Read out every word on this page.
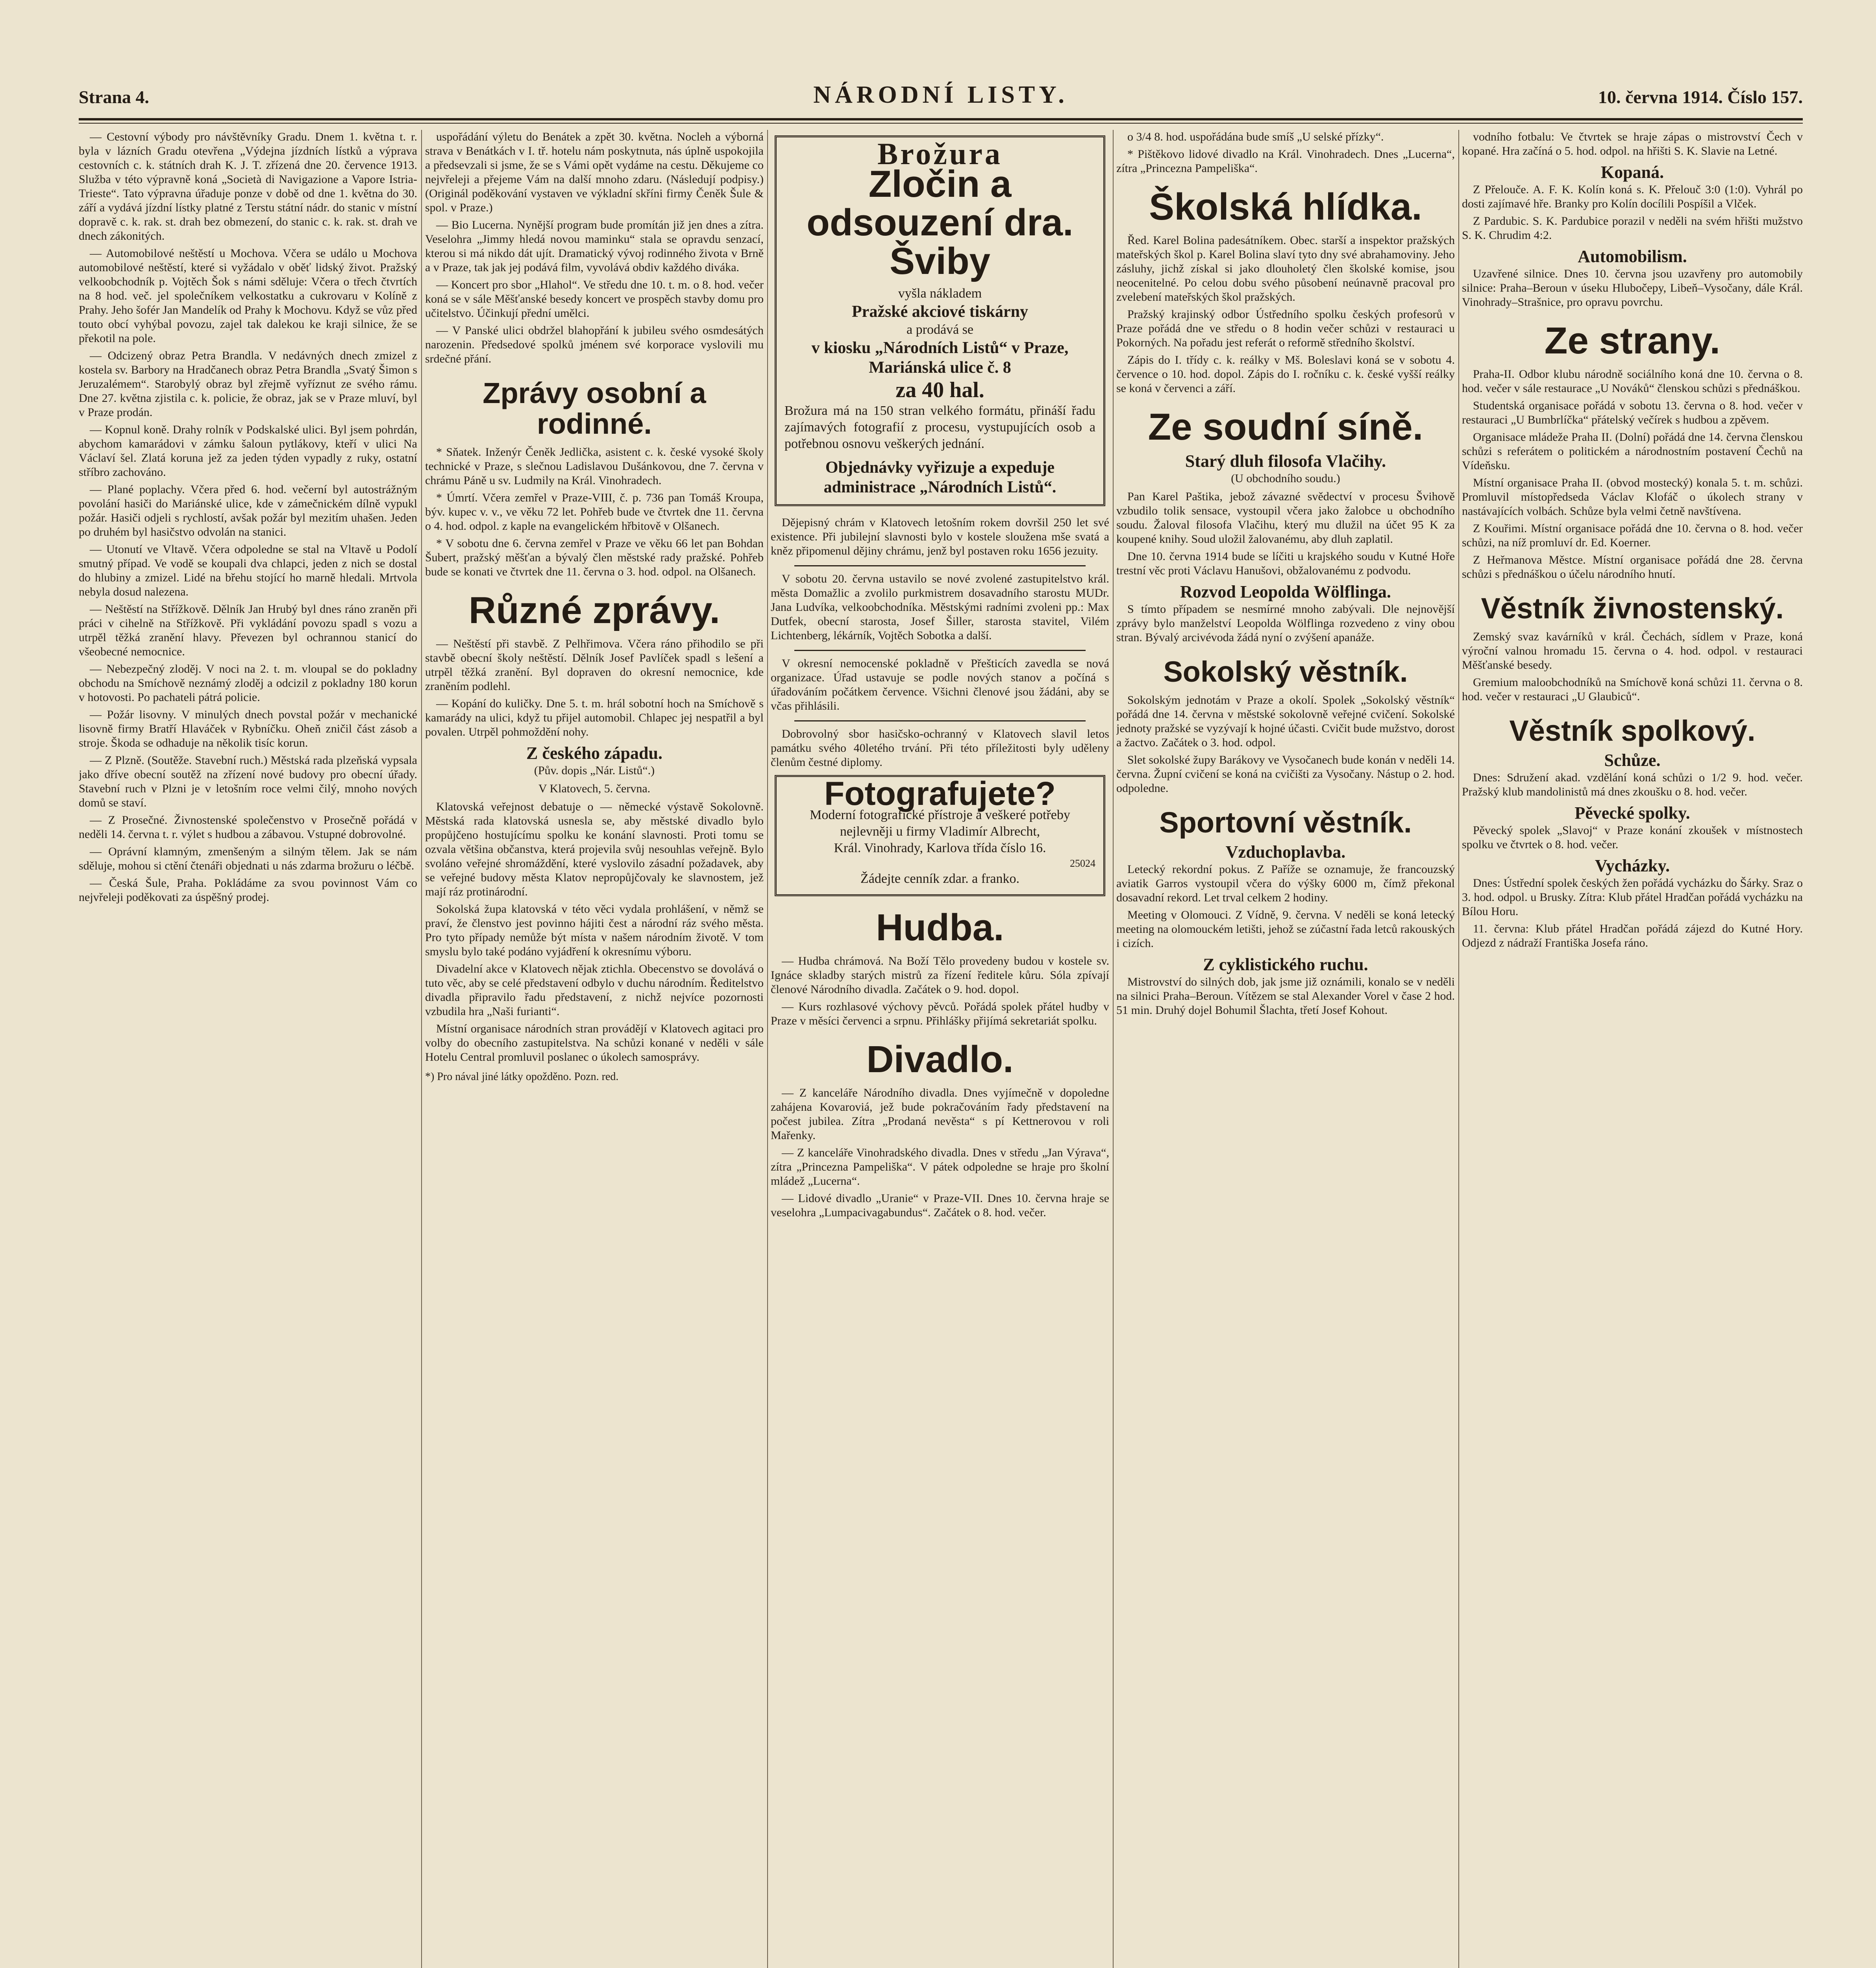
Strana 4.	NÁRODNÍ LISTY.	10. června 1914. Číslo 157.

— Cestovní výbody pro návštěvníky Gradu. Dnem 1. května t. r. byla v lázních Gradu otevřena „Výdejna jízdních lístků a výprava cestovních c. k. státních drah K. J. T. zřízená dne 20. července 1913. Služba v této výpravně koná „Società di Navigazione a Vapore Istria-Trieste“. Tato výpravna úřaduje ponze v době od dne 1. května do 30. září a vydává jízdní lístky platné z Terstu státní nádr. do stanic v místní dopravě c. k. rak. st. drah bez obmezení, do stanic c. k. rak. st. drah ve dnech zákonitých.

— Automobilové neštěstí u Mochova. Včera se událo u Mochova automobilové neštěstí, které si vyžádalo v oběť lidský život. Pražský velkoobchodník p. Vojtěch Šok s námi sděluje: Včera o třech čtvrtích na 8 hod. več. jel společníkem velkostatku a cukrovaru v Kolíně z Prahy. Jeho šofér Jan Mandelík od Prahy k Mochovu. Když se vůz před touto obcí vyhýbal povozu, zajel tak dalekou ke kraji silnice, že se překotil na pole.

— Odcizený obraz Petra Brandla. V nedávných dnech zmizel z kostela sv. Barbory na Hradčanech obraz Petra Brandla „Svatý Šimon s Jeruzalémem“. Starobylý obraz byl zřejmě vyříznut ze svého rámu. Dne 27. května zjistila c. k. policie, že obraz, jak se v Praze mluví, byl v Praze prodán.

— Kopnul koně. Drahy rolník v Podskalské ulici. Byl jsem pohrdán, abychom kamarádovi v zámku šaloun pytlákovy, kteří v ulici Na Václaví šel. Zlatá koruna jež za jeden týden vypadly z ruky, ostatní stříbro zachováno.

— Plané poplachy. Včera před 6. hod. večerní byl autostrážným povolání hasiči do Mariánské ulice, kde v zámečnickém dílně vypukl požár. Hasiči odjeli s rychlostí, avšak požár byl mezitím uhašen. Jeden po druhém byl hasičstvo odvolán na stanici.

— Utonutí ve Vltavě. Včera odpoledne se stal na Vltavě u Podolí smutný případ. Ve vodě se koupali dva chlapci, jeden z nich se dostal do hlubiny a zmizel. Lidé na břehu stojící ho marně hledali. Mrtvola nebyla dosud nalezena.

— Neštěstí na Střížkově. Dělník Jan Hrubý byl dnes ráno zraněn při práci v cihelně na Střížkově. Při vykládání povozu spadl s vozu a utrpěl těžká zranění hlavy. Převezen byl ochrannou stanicí do všeobecné nemocnice.

— Nebezpečný zloděj. V noci na 2. t. m. vloupal se do pokladny obchodu na Smíchově neznámý zloděj a odcizil z pokladny 180 korun v hotovosti. Po pachateli pátrá policie.

— Požár lisovny. V minulých dnech povstal požár v mechanické lisovně firmy Bratří Hlaváček v Rybníčku. Oheň zničil část zásob a stroje. Škoda se odhaduje na několik tisíc korun.

— Z Plzně. (Soutěže. Stavební ruch.) Městská rada plzeňská vypsala jako dříve obecní soutěž na zřízení nové budovy pro obecní úřady. Stavební ruch v Plzni je v letošním roce velmi čilý, mnoho nových domů se staví.

— Z Prosečné. Živnostenské společenstvo v Prosečně pořádá v neděli 14. června t. r. výlet s hudbou a zábavou. Vstupné dobrovolné.

— Oprávní klamným, zmenšeným a silným tělem. Jak se nám sděluje, mohou si ctění čtenáři objednati u nás zdarma brožuru o léčbě.

— Česká Šule, Praha. Pokládáme za svou povinnost Vám co nejvřeleji poděkovati za úspěšný prodej.

uspořádání výletu do Benátek a zpět 30. května. Nocleh a výborná strava v Benátkách v I. tř. hotelu nám poskytnuta, nás úplně uspokojila a předsevzali si jsme, že se s Vámi opět vydáme na cestu. Děkujeme co nejvřeleji a přejeme Vám na další mnoho zdaru. (Následují podpisy.) (Originál poděkování vystaven ve výkladní skříni firmy Čeněk Šule & spol. v Praze.)

— Bio Lucerna. Nynější program bude promítán již jen dnes a zítra. Veselohra „Jimmy hledá novou maminku“ stala se opravdu senzací, kterou si má nikdo dát ujít. Dramatický vývoj rodinného života v Brně a v Praze, tak jak jej podává film, vyvolává obdiv každého diváka.

— Koncert pro sbor „Hlahol“. Ve středu dne 10. t. m. o 8. hod. večer koná se v sále Měšťanské besedy koncert ve prospěch stavby domu pro učitelstvo. Účinkují přední umělci.

— V Panské ulici obdržel blahopřání k jubileu svého osmdesátých narozenin. Předsedové spolků jménem své korporace vyslovili mu srdečné přání.

Zprávy osobní a rodinné.

* Sňatek. Inženýr Čeněk Jedlička, asistent c. k. české vysoké školy technické v Praze, s slečnou Ladislavou Dušánkovou, dne 7. června v chrámu Páně u sv. Ludmily na Král. Vinohradech.

* Úmrtí. Včera zemřel v Praze-VIII, č. p. 736 pan Tomáš Kroupa, býv. kupec v. v., ve věku 72 let. Pohřeb bude ve čtvrtek dne 11. června o 4. hod. odpol. z kaple na evangelickém hřbitově v Olšanech.

* V sobotu dne 6. června zemřel v Praze ve věku 66 let pan Bohdan Šubert, pražský měšťan a bývalý člen městské rady pražské. Pohřeb bude se konati ve čtvrtek dne 11. června o 3. hod. odpol. na Olšanech.

Různé zprávy.

— Neštěstí při stavbě. Z Pelhřimova. Včera ráno přihodilo se při stavbě obecní školy neštěstí. Dělník Josef Pavlíček spadl s lešení a utrpěl těžká zranění. Byl dopraven do okresní nemocnice, kde zraněním podlehl.

— Kopání do kuličky. Dne 5. t. m. hrál sobotní hoch na Smíchově s kamarády na ulici, když tu přijel automobil. Chlapec jej nespatřil a byl povalen. Utrpěl pohmoždění nohy.

Z českého západu.
(Pův. dopis „Nár. Listů“.)
V Klatovech, 5. června.

Klatovská veřejnost debatuje o — německé výstavě Sokolovně. Městská rada klatovská usnesla se, aby městské divadlo bylo propůjčeno hostujícímu spolku ke konání slavnosti. Proti tomu se ozvala většina občanstva, která projevila svůj nesouhlas veřejně. Bylo svoláno veřejné shromáždění, které vyslovilo zásadní požadavek, aby se veřejné budovy města Klatov nepropůjčovaly ke slavnostem, jež mají ráz protinárodní.

Sokolská župa klatovská v této věci vydala prohlášení, v němž se praví, že členstvo jest povinno hájiti čest a národní ráz svého města. Pro tyto případy nemůže být místa v našem národním životě. V tom smyslu bylo také podáno vyjádření k okresnímu výboru.

Divadelní akce v Klatovech nějak ztichla. Obecenstvo se dovolává o tuto věc, aby se celé představení odbylo v duchu národním. Ředitelstvo divadla připravilo řadu představení, z nichž nejvíce pozornosti vzbudila hra „Naši furianti“.

Místní organisace národních stran provádějí v Klatovech agitaci pro volby do obecního zastupitelstva. Na schůzi konané v neděli v sále Hotelu Central promluvil poslanec o úkolech samosprávy.

*) Pro nával jiné látky opožděno. Pozn. red.
Brožura
Zločin a odsouzení dra. Šviby
vyšla nákladem
Pražské akciové tiskárny
a prodává se
v kiosku „Národních Listů“ v Praze, Mariánská ulice č. 8
za 40 hal.
Brožura má na 150 stran velkého formátu, přináší řadu zajímavých fotografií z procesu, vystupujících osob a potřebnou osnovu veškerých jednání.
Objednávky vyřizuje a expeduje administrace „Národních Listů“.

Dějepisný chrám v Klatovech letošním rokem dovršil 250 let své existence. Při jubilejní slavnosti bylo v kostele sloužena mše svatá a kněz připomenul dějiny chrámu, jenž byl postaven roku 1656 jezuity.

V sobotu 20. června ustavilo se nové zvolené zastupitelstvo král. města Domažlic a zvolilo purkmistrem dosavadního starostu MUDr. Jana Ludvíka, velkoobchodníka. Městskými radními zvoleni pp.: Max Dutfek, obecní starosta, Josef Šiller, starosta stavitel, Vilém Lichtenberg, lékárník, Vojtěch Sobotka a další.

V okresní nemocenské pokladně v Přešticích zavedla se nová organizace. Úřad ustavuje se podle nových stanov a počíná s úřadováním počátkem července. Všichni členové jsou žádáni, aby se včas přihlásili.

Dobrovolný sbor hasičsko-ochranný v Klatovech slavil letos památku svého 40letého trvání. Při této příležitosti byly uděleny členům čestné diplomy.

Fotografujete?
Moderní fotografické přístroje a veškeré potřeby nejlevněji u firmy Vladimír Albrecht,
Král. Vinohrady, Karlova třída číslo 16.
25024
Žádejte cenník zdar. a franko.
Hudba.

— Hudba chrámová. Na Boží Tělo provedeny budou v kostele sv. Ignáce skladby starých mistrů za řízení ředitele kůru. Sóla zpívají členové Národního divadla. Začátek o 9. hod. dopol.

— Kurs rozhlasové výchovy pěvců. Pořádá spolek přátel hudby v Praze v měsíci červenci a srpnu. Přihlášky přijímá sekretariát spolku.

Divadlo.

— Z kanceláře Národního divadla. Dnes vyjímečně v dopoledne zahájena Kovaroviá, jež bude pokračováním řady představení na počest jubilea. Zítra „Prodaná nevěsta“ s pí Kettnerovou v roli Mařenky.

— Z kanceláře Vinohradského divadla. Dnes v středu „Jan Výrava“, zítra „Princezna Pampeliška“. V pátek odpoledne se hraje pro školní mládež „Lucerna“.

— Lidové divadlo „Uranie“ v Praze-VII. Dnes 10. června hraje se veselohra „Lumpacivagabundus“. Začátek o 8. hod. večer.

o 3/4 8. hod. uspořádána bude smíš „U selské přízky“.

* Pištěkovo lidové divadlo na Král. Vinohradech. Dnes „Lucerna“, zítra „Princezna Pampeliška“.

Školská hlídka.

Řed. Karel Bolina padesátníkem. Obec. starší a inspektor pražských mateřských škol p. Karel Bolina slaví tyto dny své abrahamoviny. Jeho zásluhy, jichž získal si jako dlouholetý člen školské komise, jsou neocenitelné. Po celou dobu svého působení neúnavně pracoval pro zvelebení mateřských škol pražských.

Pražský krajinský odbor Ústředního spolku českých profesorů v Praze pořádá dne ve středu o 8 hodin večer schůzi v restauraci u Pokorných. Na pořadu jest referát o reformě středního školství.

Zápis do I. třídy c. k. reálky v Mš. Boleslavi koná se v sobotu 4. července o 10. hod. dopol. Zápis do I. ročníku c. k. české vyšší reálky se koná v červenci a září.

Ze soudní síně.
Starý dluh filosofa Vlačihy.
(U obchodního soudu.)

Pan Karel Paštika, jebož závazné svědectví v procesu Švihově vzbudilo tolik sensace, vystoupil včera jako žalobce u obchodního soudu. Žaloval filosofa Vlačihu, který mu dlužil na účet 95 K za koupené knihy. Soud uložil žalovanému, aby dluh zaplatil.

Dne 10. června 1914 bude se líčiti u krajského soudu v Kutné Hoře trestní věc proti Václavu Hanušovi, obžalovanému z podvodu.

Rozvod Leopolda Wölflinga.

S tímto případem se nesmírné mnoho zabývali. Dle nejnovější zprávy bylo manželství Leopolda Wölflinga rozvedeno z viny obou stran. Bývalý arcivévoda žádá nyní o zvýšení apanáže.

Sokolský věstník.

Sokolským jednotám v Praze a okolí. Spolek „Sokolský věstník“ pořádá dne 14. června v městské sokolovně veřejné cvičení. Sokolské jednoty pražské se vyzývají k hojné účasti. Cvičit bude mužstvo, dorost a žactvo. Začátek o 3. hod. odpol.

Slet sokolské župy Barákovy ve Vysočanech bude konán v neděli 14. června. Župní cvičení se koná na cvičišti za Vysočany. Nástup o 2. hod. odpoledne.

Sportovní věstník.
Vzduchoplavba.

Letecký rekordní pokus. Z Paříže se oznamuje, že francouzský aviatik Garros vystoupil včera do výšky 6000 m, čímž překonal dosavadní rekord. Let trval celkem 2 hodiny.

Meeting v Olomouci. Z Vídně, 9. června. V neděli se koná letecký meeting na olomouckém letišti, jehož se zúčastní řada letců rakouských i cizích.

Z cyklistického ruchu.

Mistrovství do silných dob, jak jsme již oznámili, konalo se v neděli na silnici Praha–Beroun. Vítězem se stal Alexander Vorel v čase 2 hod. 51 min. Druhý dojel Bohumil Šlachta, třetí Josef Kohout.

vodního fotbalu: Ve čtvrtek se hraje zápas o mistrovství Čech v kopané. Hra začíná o 5. hod. odpol. na hřišti S. K. Slavie na Letné.

Kopaná.

Z Přelouče. A. F. K. Kolín koná s. K. Přelouč 3:0 (1:0). Vyhrál po dosti zajímavé hře. Branky pro Kolín docílili Pospíšil a Vlček.

Z Pardubic. S. K. Pardubice porazil v neděli na svém hřišti mužstvo S. K. Chrudim 4:2.

Automobilism.

Uzavřené silnice. Dnes 10. června jsou uzavřeny pro automobily silnice: Praha–Beroun v úseku Hlubočepy, Libeň–Vysočany, dále Král. Vinohrady–Strašnice, pro opravu povrchu.

Ze strany.

Praha-II. Odbor klubu národně sociálního koná dne 10. června o 8. hod. večer v sále restaurace „U Nováků“ členskou schůzi s přednáškou.

Studentská organisace pořádá v sobotu 13. června o 8. hod. večer v restauraci „U Bumbrlíčka“ přátelský večírek s hudbou a zpěvem.

Organisace mládeže Praha II. (Dolní) pořádá dne 14. června členskou schůzi s referátem o politickém a národnostním postavení Čechů na Vídeňsku.

Místní organisace Praha II. (obvod mostecký) konala 5. t. m. schůzi. Promluvil místopředseda Václav Klofáč o úkolech strany v nastávajících volbách. Schůze byla velmi četně navštívena.

Z Kouřimi. Místní organisace pořádá dne 10. června o 8. hod. večer schůzi, na níž promluví dr. Ed. Koerner.

Z Heřmanova Městce. Místní organisace pořádá dne 28. června schůzi s přednáškou o účelu národního hnutí.

Věstník živnostenský.

Zemský svaz kavárníků v král. Čechách, sídlem v Praze, koná výroční valnou hromadu 15. června o 4. hod. odpol. v restauraci Měšťanské besedy.

Gremium maloobchodníků na Smíchově koná schůzi 11. června o 8. hod. večer v restauraci „U Glaubiců“.

Věstník spolkový.
Schůze.

Dnes: Sdružení akad. vzdělání koná schůzi o 1/2 9. hod. večer. Pražský klub mandolinistů má dnes zkoušku o 8. hod. večer.

Pěvecké spolky.

Pěvecký spolek „Slavoj“ v Praze konání zkoušek v místnostech spolku ve čtvrtek o 8. hod. večer.

Vycházky.

Dnes: Ústřední spolek českých žen pořádá vycházku do Šárky. Sraz o 3. hod. odpol. u Brusky. Zítra: Klub přátel Hradčan pořádá vycházku na Bílou Horu.

11. června: Klub přátel Hradčan pořádá zájezd do Kutné Hory. Odjezd z nádraží Františka Josefa ráno.
